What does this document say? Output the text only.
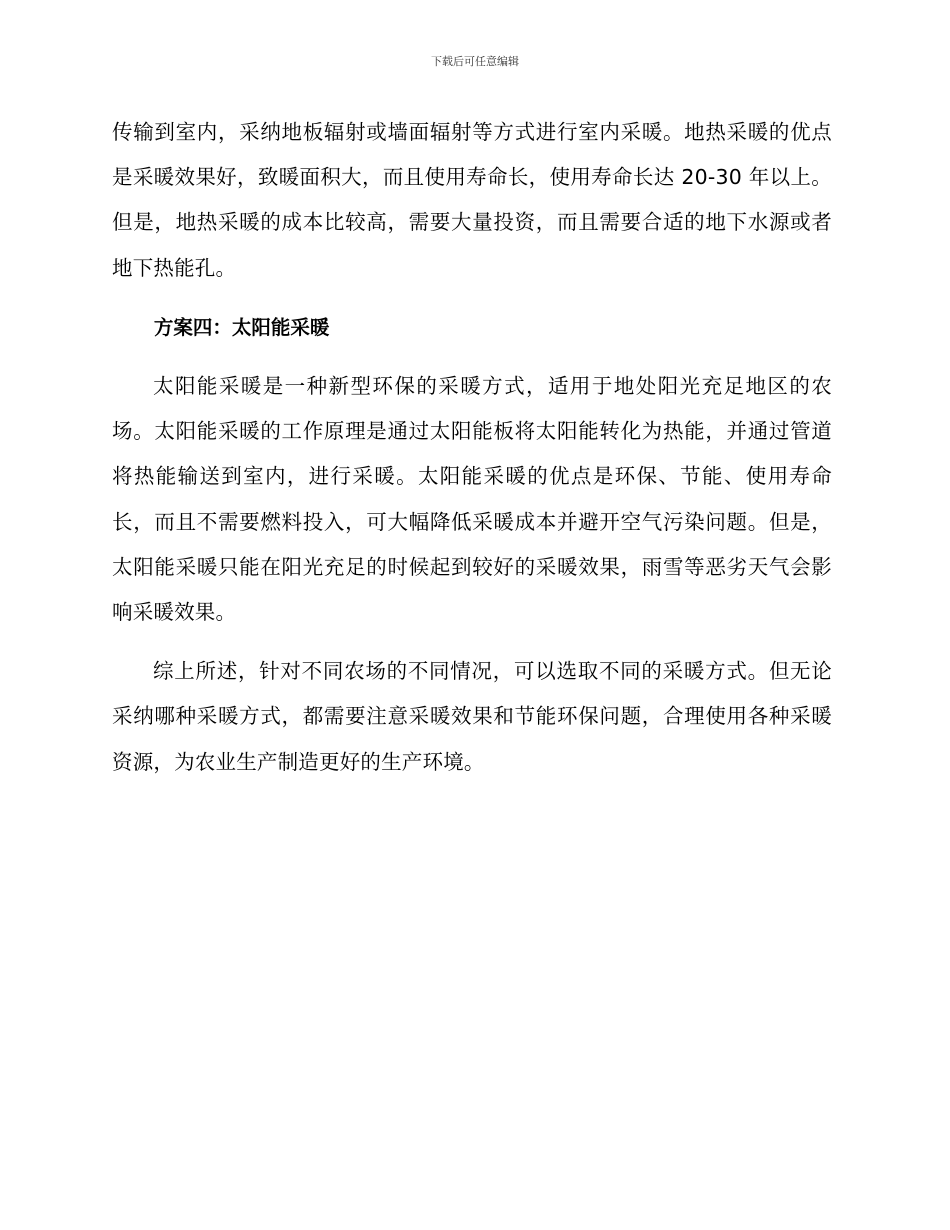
下载后可任意编辑

传输到室内，采纳地板辐射或墙面辐射等方式进行室内采暖。地热采暖的优点是采暖效果好，致暖面积大，而且使用寿命长，使用寿命长达 20-30 年以上。但是，地热采暖的成本比较高，需要大量投资，而且需要合适的地下水源或者地下热能孔。

方案四：太阳能采暖

太阳能采暖是一种新型环保的采暖方式，适用于地处阳光充足地区的农场。太阳能采暖的工作原理是通过太阳能板将太阳能转化为热能，并通过管道将热能输送到室内，进行采暖。太阳能采暖的优点是环保、节能、使用寿命长，而且不需要燃料投入，可大幅降低采暖成本并避开空气污染问题。但是，太阳能采暖只能在阳光充足的时候起到较好的采暖效果，雨雪等恶劣天气会影响采暖效果。

综上所述，针对不同农场的不同情况，可以选取不同的采暖方式。但无论采纳哪种采暖方式，都需要注意采暖效果和节能环保问题，合理使用各种采暖资源，为农业生产制造更好的生产环境。
